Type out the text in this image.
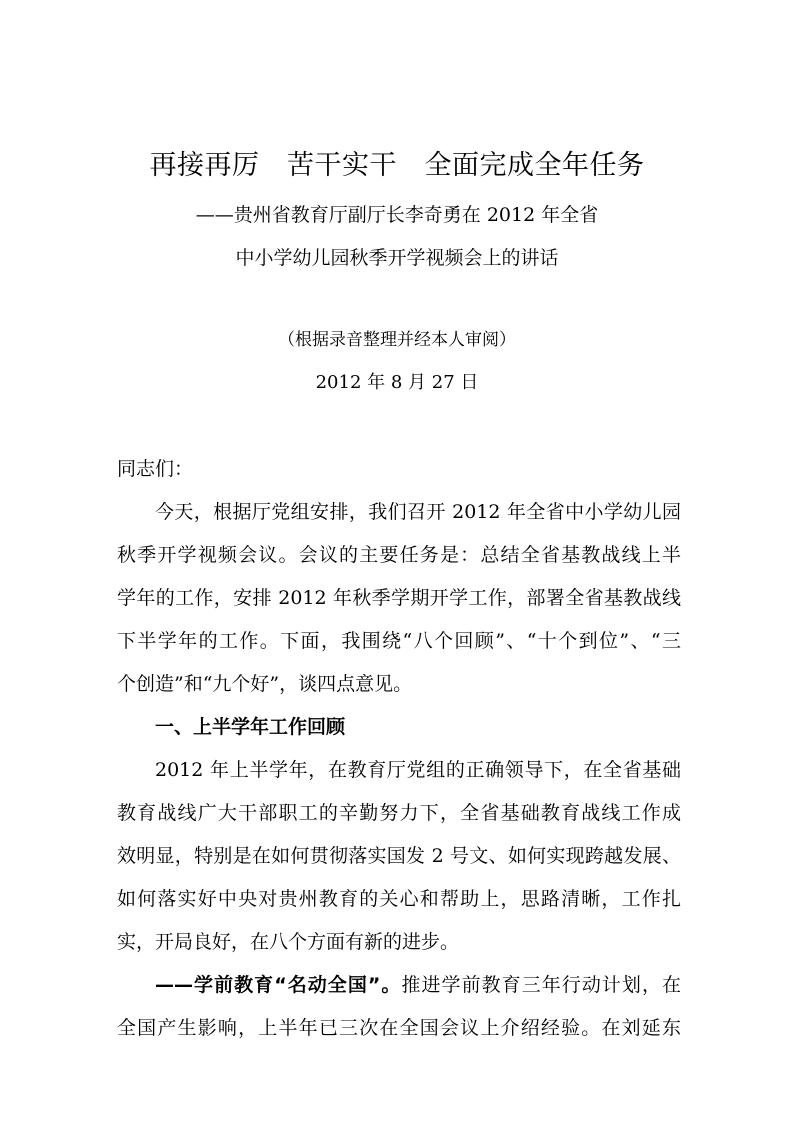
再接再厉　苦干实干　全面完成全年任务
——贵州省教育厅副厅长李奇勇在 2012 年全省
中小学幼儿园秋季开学视频会上的讲话
（根据录音整理并经本人审阅）
2012 年 8 月 27 日
同志们：
今天，根据厅党组安排，我们召开 2012 年全省中小学幼儿园
秋季开学视频会议。会议的主要任务是：总结全省基教战线上半
学年的工作，安排 2012 年秋季学期开学工作，部署全省基教战线
下半学年的工作。下面，我围绕“八个回顾”、“十个到位”、“三
个创造”和“九个好”，谈四点意见。
一、上半学年工作回顾
2012 年上半学年，在教育厅党组的正确领导下，在全省基础
教育战线广大干部职工的辛勤努力下，全省基础教育战线工作成
效明显，特别是在如何贯彻落实国发 2 号文、如何实现跨越发展、
如何落实好中央对贵州教育的关心和帮助上，思路清晰，工作扎
实，开局良好，在八个方面有新的进步。
——学前教育“名动全国”。推进学前教育三年行动计划，在
全国产生影响，上半年已三次在全国会议上介绍经验。在刘延东
